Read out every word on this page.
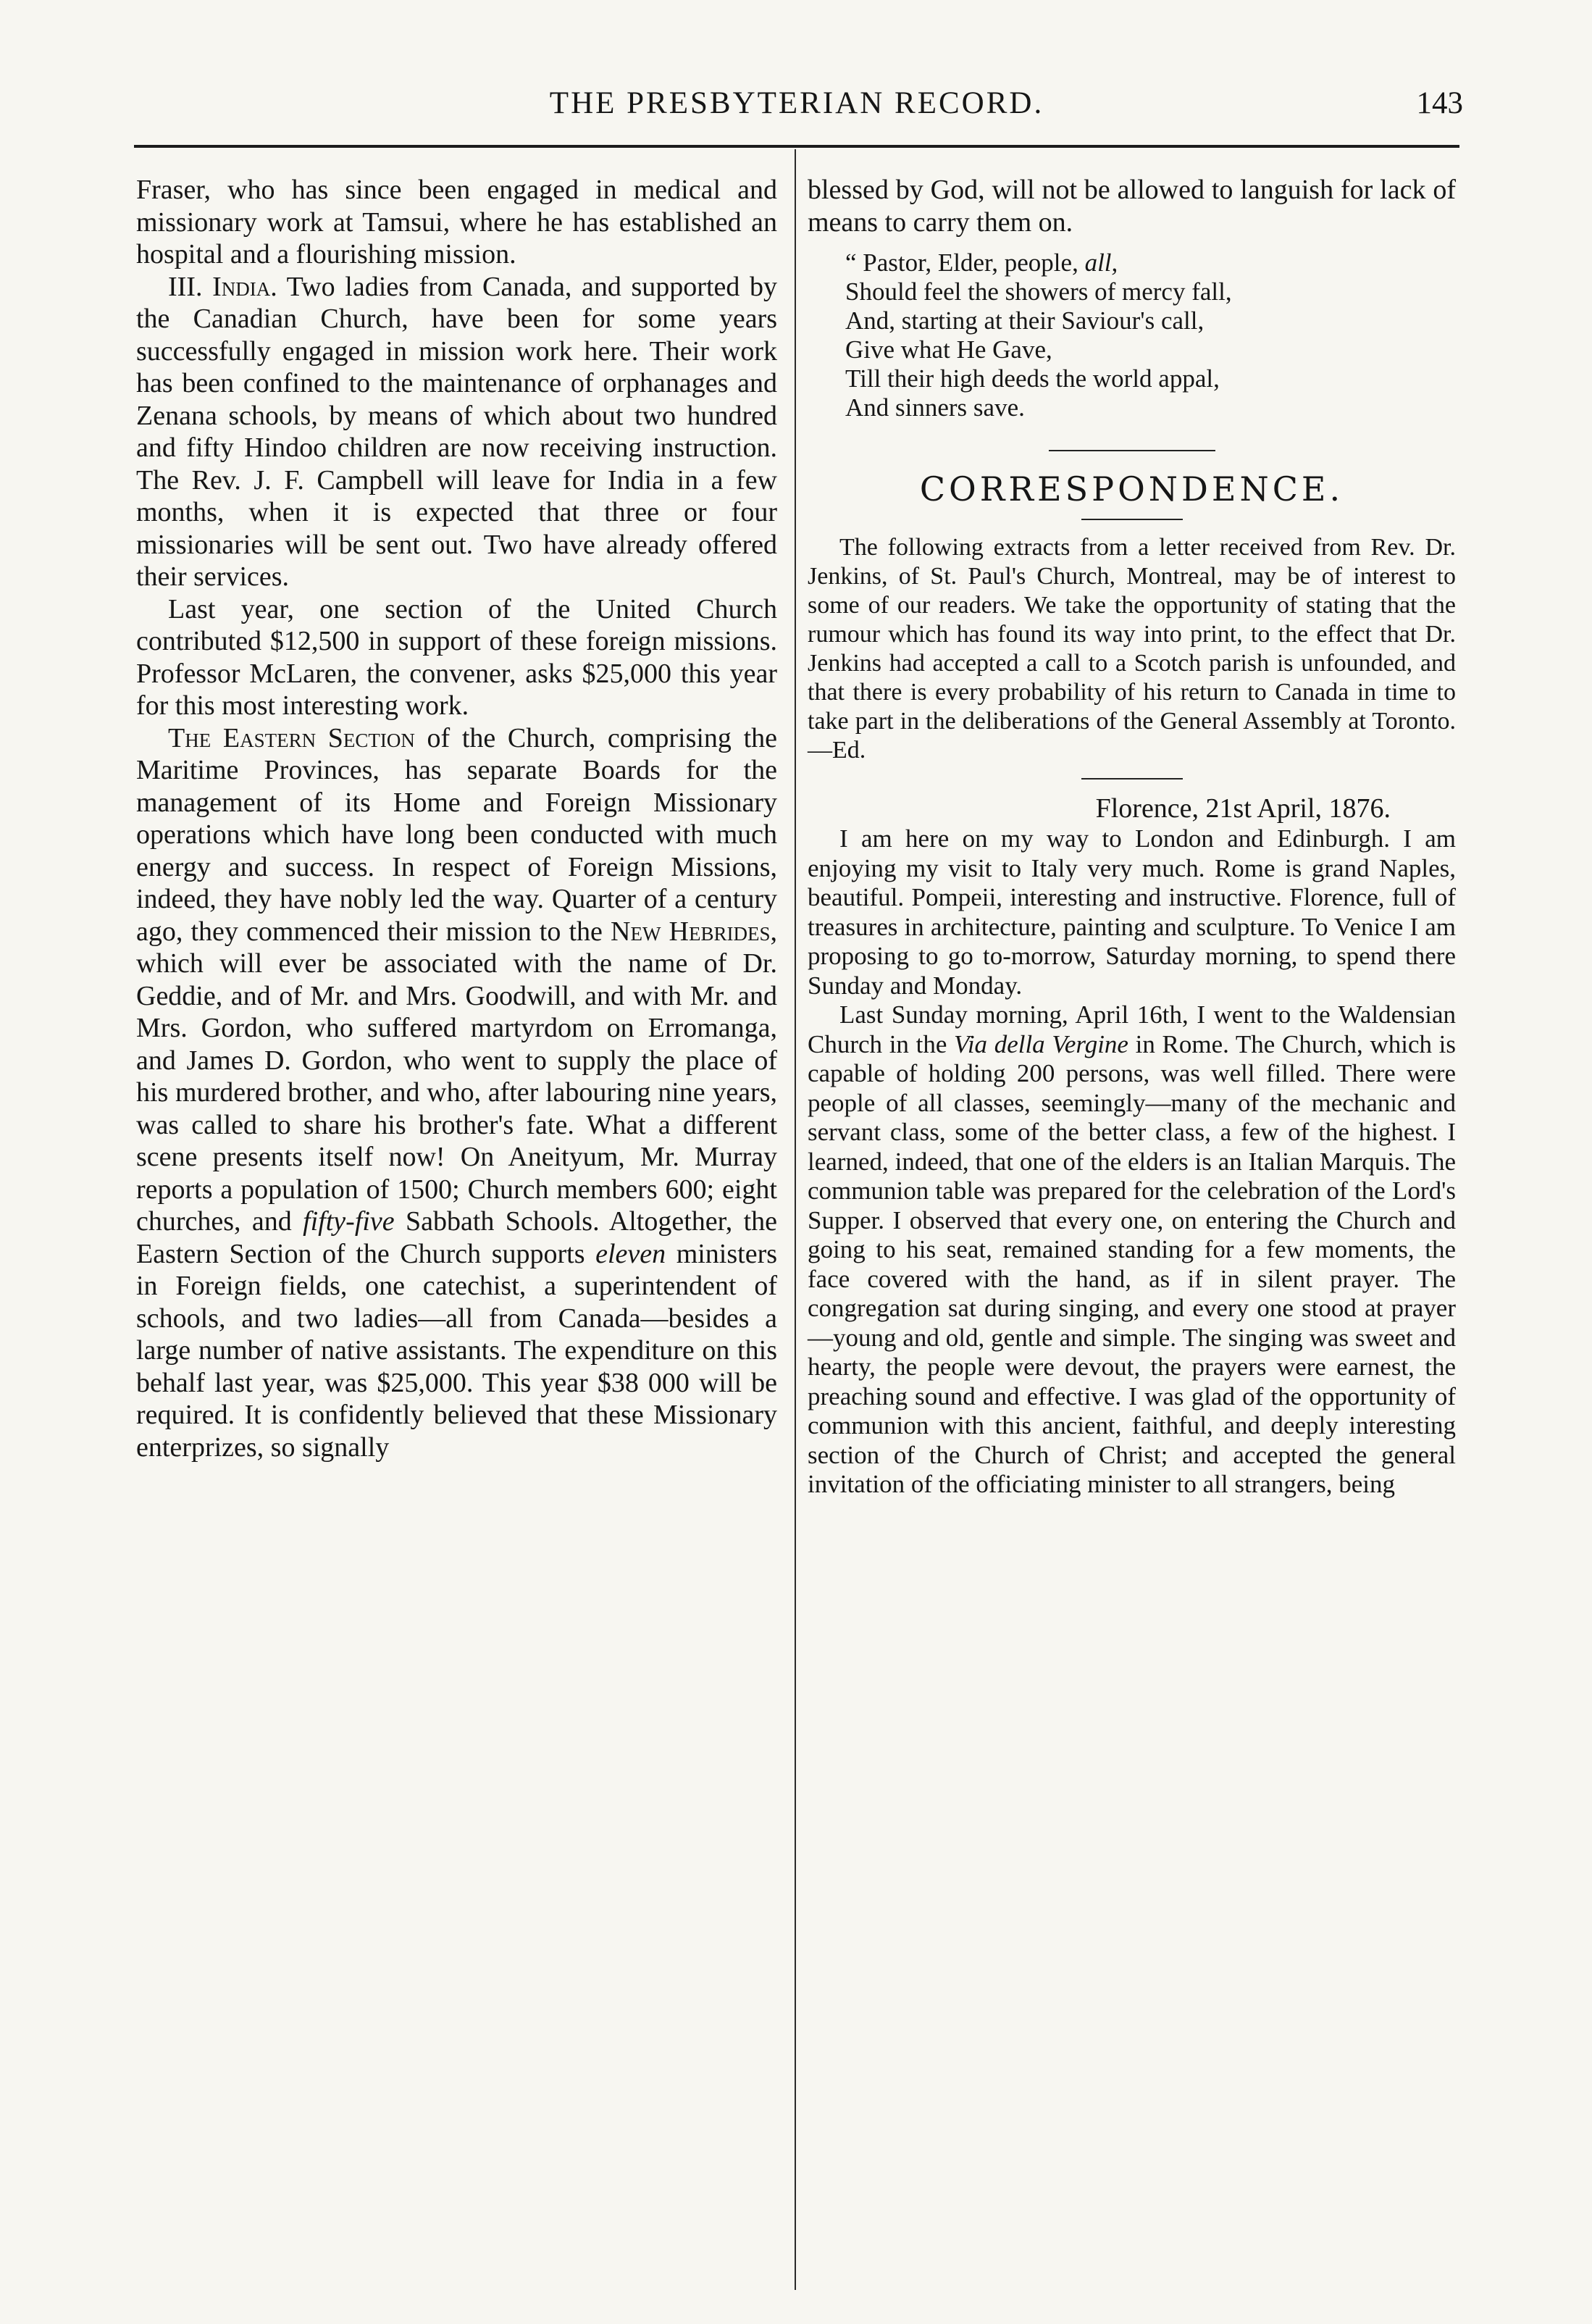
THE PRESBYTERIAN RECORD.	143

Fraser, who has since been engaged in medical and missionary work at Tamsui, where he has established an hospital and a flourishing mission.

III. India. Two ladies from Canada, and supported by the Canadian Church, have been for some years successfully engaged in mission work here. Their work has been confined to the maintenance of orphanages and Zenana schools, by means of which about two hundred and fifty Hindoo children are now receiving instruction. The Rev. J. F. Campbell will leave for India in a few months, when it is expected that three or four missionaries will be sent out. Two have already offered their services.

Last year, one section of the United Church contributed $12,500 in support of these foreign missions. Professor McLaren, the convener, asks $25,000 this year for this most interesting work.

The Eastern Section of the Church, comprising the Maritime Provinces, has separate Boards for the management of its Home and Foreign Missionary operations which have long been conducted with much energy and success. In respect of Foreign Missions, indeed, they have nobly led the way. Quarter of a century ago, they commenced their mission to the New Hebrides, which will ever be associated with the name of Dr. Geddie, and of Mr. and Mrs. Goodwill, and with Mr. and Mrs. Gordon, who suffered martyrdom on Erromanga, and James D. Gordon, who went to supply the place of his murdered brother, and who, after labouring nine years, was called to share his brother's fate. What a different scene presents itself now! On Aneityum, Mr. Murray reports a population of 1500; Church members 600; eight churches, and fifty-five Sabbath Schools. Altogether, the Eastern Section of the Church supports eleven ministers in Foreign fields, one catechist, a superintendent of schools, and two ladies—all from Canada—besides a large number of native assistants. The expenditure on this behalf last year, was $25,000. This year $38 000 will be required. It is confidently believed that these Missionary enterprizes, so signally

blessed by God, will not be allowed to languish for lack of means to carry them on.

“ Pastor, Elder, people, all,
Should feel the showers of mercy fall,
And, starting at their Saviour's call,
Give what He Gave,
Till their high deeds the world appal,
And sinners save.
CORRESPONDENCE.

The following extracts from a letter received from Rev. Dr. Jenkins, of St. Paul's Church, Montreal, may be of interest to some of our readers. We take the opportunity of stating that the rumour which has found its way into print, to the effect that Dr. Jenkins had accepted a call to a Scotch parish is unfounded, and that there is every probability of his return to Canada in time to take part in the deliberations of the General Assembly at Toronto.—Ed.

Florence, 21st April, 1876.

I am here on my way to London and Edinburgh. I am enjoying my visit to Italy very much. Rome is grand Naples, beautiful. Pompeii, interesting and instructive. Florence, full of treasures in architecture, painting and sculpture. To Venice I am proposing to go to-morrow, Saturday morning, to spend there Sunday and Monday.

Last Sunday morning, April 16th, I went to the Waldensian Church in the Via della Vergine in Rome. The Church, which is capable of holding 200 persons, was well filled. There were people of all classes, seemingly—many of the mechanic and servant class, some of the better class, a few of the highest. I learned, indeed, that one of the elders is an Italian Marquis. The communion table was prepared for the celebration of the Lord's Supper. I observed that every one, on entering the Church and going to his seat, remained standing for a few moments, the face covered with the hand, as if in silent prayer. The congregation sat during singing, and every one stood at prayer—young and old, gentle and simple. The singing was sweet and hearty, the people were devout, the prayers were earnest, the preaching sound and effective. I was glad of the opportunity of communion with this ancient, faithful, and deeply interesting section of the Church of Christ; and accepted the general invitation of the officiating minister to all strangers, being
